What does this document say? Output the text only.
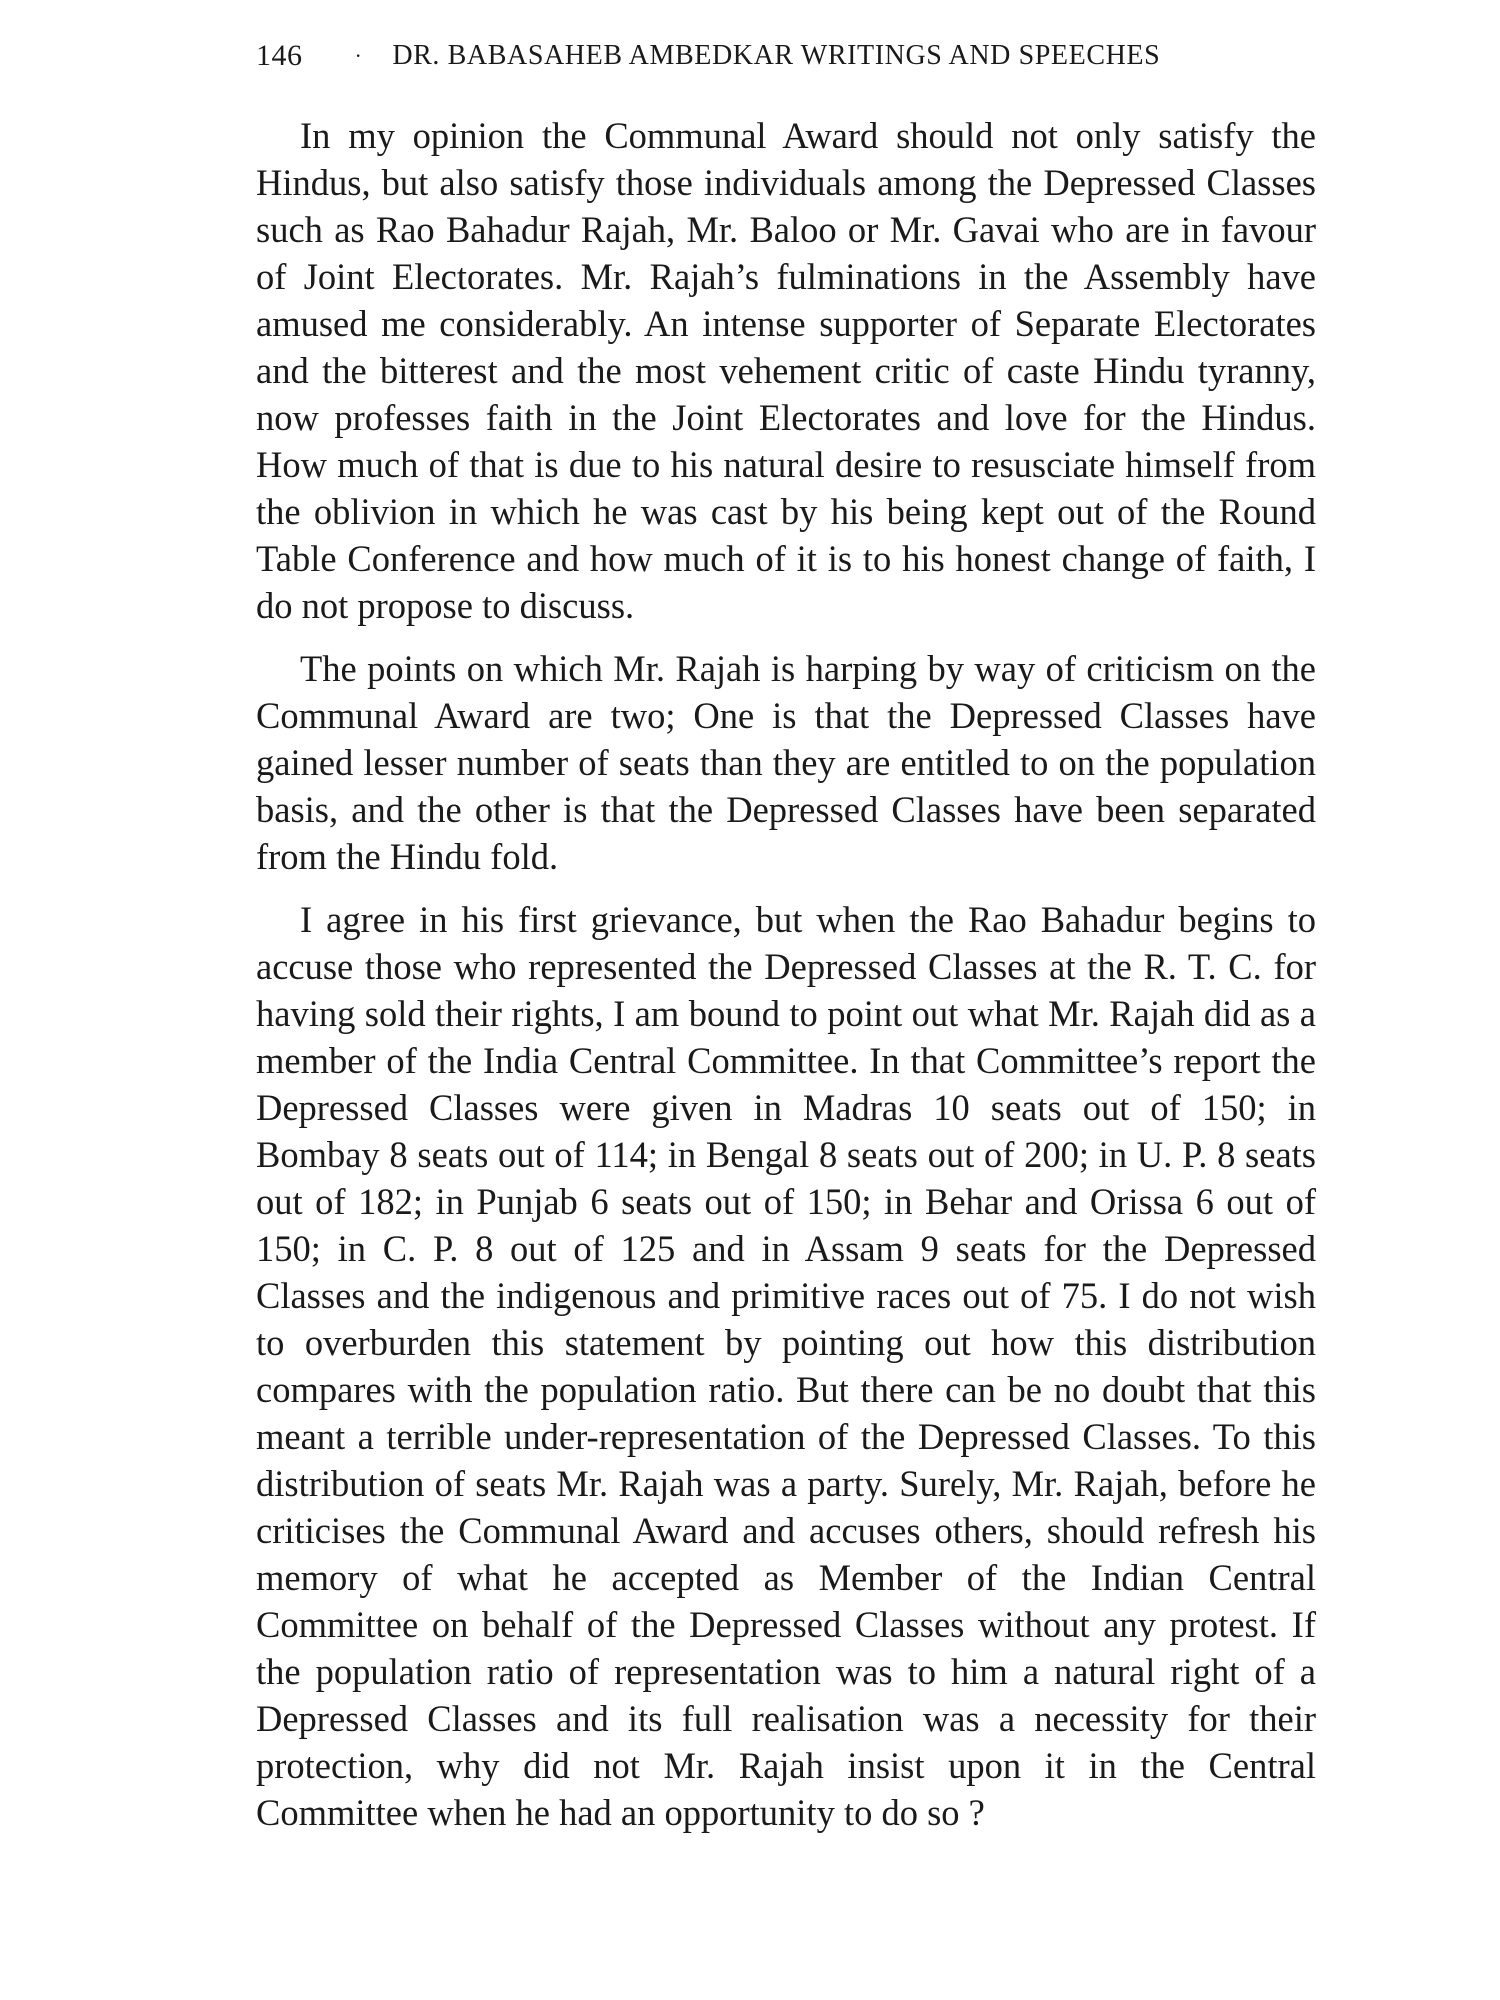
146 · DR. BABASAHEB AMBEDKAR WRITINGS AND SPEECHES

In my opinion the Communal Award should not only satisfy the Hindus, but also satisfy those individuals among the Depressed Classes such as Rao Bahadur Rajah, Mr. Baloo or Mr. Gavai who are in favour of Joint Electorates. Mr. Rajah’s fulminations in the Assembly have amused me considerably. An intense supporter of Separate Electorates and the bitterest and the most vehement critic of caste Hindu tyranny, now professes faith in the Joint Electorates and love for the Hindus. How much of that is due to his natural desire to resusciate himself from the oblivion in which he was cast by his being kept out of the Round Table Conference and how much of it is to his honest change of faith, I do not propose to discuss.

The points on which Mr. Rajah is harping by way of criticism on the Communal Award are two; One is that the Depressed Classes have gained lesser number of seats than they are entitled to on the population basis, and the other is that the Depressed Classes have been separated from the Hindu fold.

I agree in his first grievance, but when the Rao Bahadur begins to accuse those who represented the Depressed Classes at the R. T. C. for having sold their rights, I am bound to point out what Mr. Rajah did as a member of the India Central Committee. In that Committee’s report the Depressed Classes were given in Madras 10 seats out of 150; in Bombay 8 seats out of 114; in Bengal 8 seats out of 200; in U. P. 8 seats out of 182; in Punjab 6 seats out of 150; in Behar and Orissa 6 out of 150; in C. P. 8 out of 125 and in Assam 9 seats for the Depressed Classes and the indigenous and primitive races out of 75. I do not wish to overburden this statement by pointing out how this distribution compares with the population ratio. But there can be no doubt that this meant a terrible under-representation of the Depressed Classes. To this distribution of seats Mr. Rajah was a party. Surely, Mr. Rajah, before he criticises the Communal Award and accuses others, should refresh his memory of what he accepted as Member of the Indian Central Committee on behalf of the Depressed Classes without any protest. If the population ratio of representation was to him a natural right of a Depressed Classes and its full realisation was a necessity for their protection, why did not Mr. Rajah insist upon it in the Central Committee when he had an opportunity to do so ?
